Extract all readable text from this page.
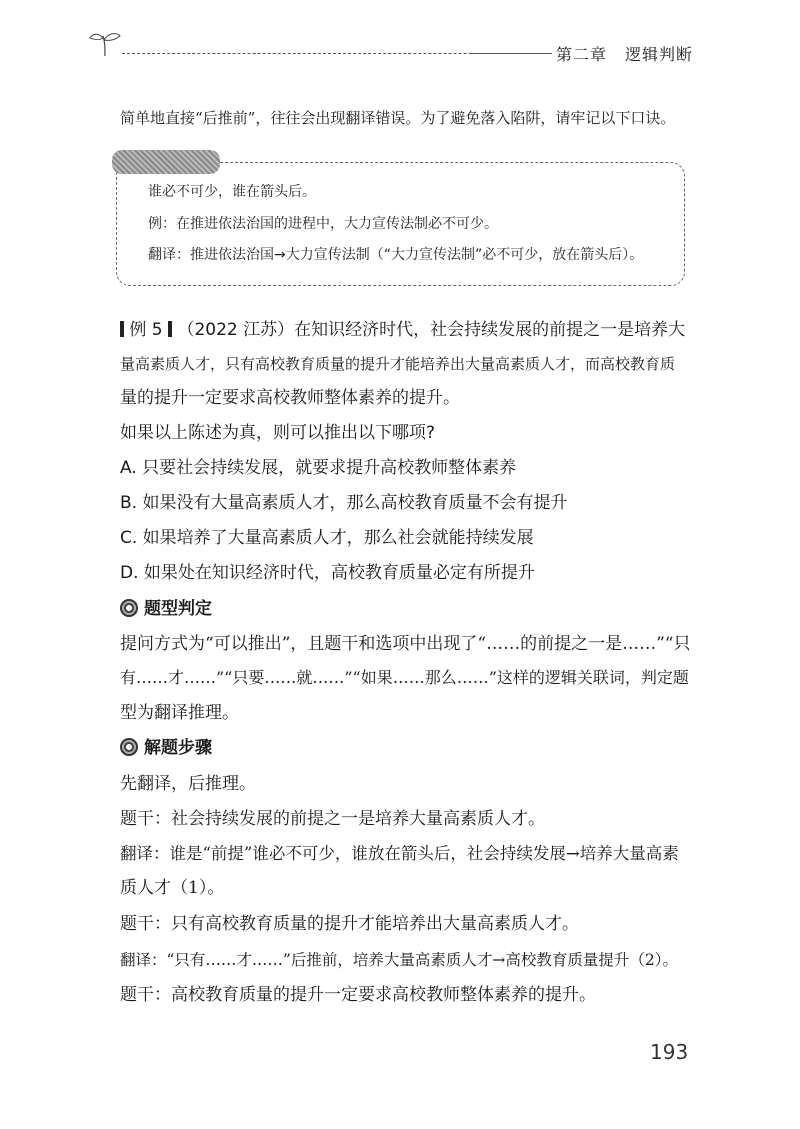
第二章 逻辑判断
简单地直接“后推前”，往往会出现翻译错误。为了避免落入陷阱，请牢记以下口诀。
谁必不可少，谁在箭头后。
例：在推进依法治国的进程中，大力宣传法制必不可少。
翻译：推进依法治国→大力宣传法制（“大力宣传法制”必不可少，放在箭头后）。
例 5 （2022 江苏）在知识经济时代，社会持续发展的前提之一是培养大
量高素质人才，只有高校教育质量的提升才能培养出大量高素质人才，而高校教育质
量的提升一定要求高校教师整体素养的提升。
如果以上陈述为真，则可以推出以下哪项?
A. 只要社会持续发展，就要求提升高校教师整体素养
B. 如果没有大量高素质人才，那么高校教育质量不会有提升
C. 如果培养了大量高素质人才，那么社会就能持续发展
D. 如果处在知识经济时代，高校教育质量必定有所提升
题型判定
提问方式为“可以推出”，且题干和选项中出现了“……的前提之一是……”“只
有……才……”“只要……就……”“如果……那么……”这样的逻辑关联词，判定题
型为翻译推理。
解题步骤
先翻译，后推理。
题干：社会持续发展的前提之一是培养大量高素质人才。
翻译：谁是“前提”谁必不可少，谁放在箭头后，社会持续发展→培养大量高素
质人才（1）。
题干：只有高校教育质量的提升才能培养出大量高素质人才。
翻译：“只有……才……”后推前，培养大量高素质人才→高校教育质量提升（2）。
题干：高校教育质量的提升一定要求高校教师整体素养的提升。
193
